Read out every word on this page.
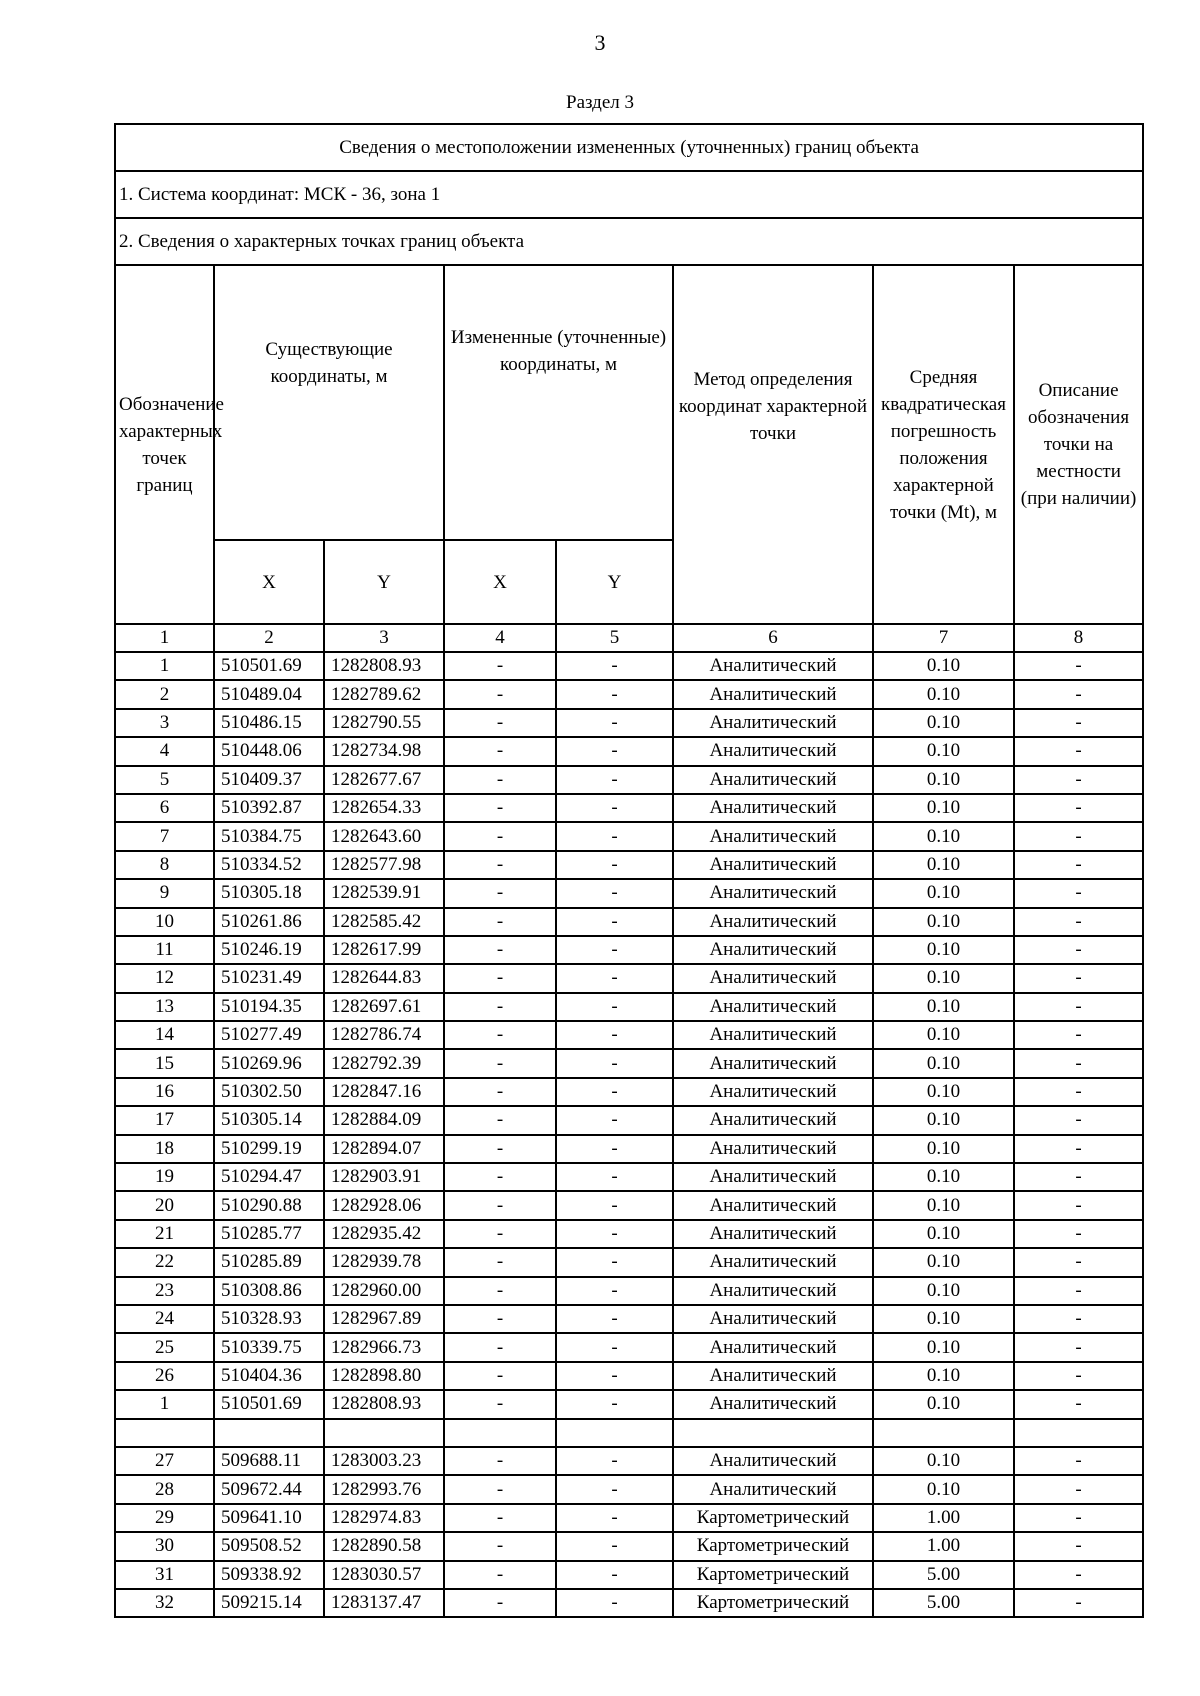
3
Раздел 3
Сведения о местоположении измененных (уточненных) границ объекта							
1. Система координат: МСК - 36, зона 1							
2. Сведения о характерных точках границ объекта							
Обозначение характерных точек границ	Существующие координаты, м		Измененные (уточненные) координаты, м		Метод определения координат характерной точки	Средняя квадратическая погрешность положения характерной точки (Mt), м	Описание обозначения точки на местности (при наличии)
	X	Y	X	Y			
1	2	3	4	5	6	7	8
1	510501.69	1282808.93	-	-	Аналитический	0.10	-
2	510489.04	1282789.62	-	-	Аналитический	0.10	-
3	510486.15	1282790.55	-	-	Аналитический	0.10	-
4	510448.06	1282734.98	-	-	Аналитический	0.10	-
5	510409.37	1282677.67	-	-	Аналитический	0.10	-
6	510392.87	1282654.33	-	-	Аналитический	0.10	-
7	510384.75	1282643.60	-	-	Аналитический	0.10	-
8	510334.52	1282577.98	-	-	Аналитический	0.10	-
9	510305.18	1282539.91	-	-	Аналитический	0.10	-
10	510261.86	1282585.42	-	-	Аналитический	0.10	-
11	510246.19	1282617.99	-	-	Аналитический	0.10	-
12	510231.49	1282644.83	-	-	Аналитический	0.10	-
13	510194.35	1282697.61	-	-	Аналитический	0.10	-
14	510277.49	1282786.74	-	-	Аналитический	0.10	-
15	510269.96	1282792.39	-	-	Аналитический	0.10	-
16	510302.50	1282847.16	-	-	Аналитический	0.10	-
17	510305.14	1282884.09	-	-	Аналитический	0.10	-
18	510299.19	1282894.07	-	-	Аналитический	0.10	-
19	510294.47	1282903.91	-	-	Аналитический	0.10	-
20	510290.88	1282928.06	-	-	Аналитический	0.10	-
21	510285.77	1282935.42	-	-	Аналитический	0.10	-
22	510285.89	1282939.78	-	-	Аналитический	0.10	-
23	510308.86	1282960.00	-	-	Аналитический	0.10	-
24	510328.93	1282967.89	-	-	Аналитический	0.10	-
25	510339.75	1282966.73	-	-	Аналитический	0.10	-
26	510404.36	1282898.80	-	-	Аналитический	0.10	-
1	510501.69	1282808.93	-	-	Аналитический	0.10	-

27	509688.11	1283003.23	-	-	Аналитический	0.10	-
28	509672.44	1282993.76	-	-	Аналитический	0.10	-
29	509641.10	1282974.83	-	-	Картометрический	1.00	-
30	509508.52	1282890.58	-	-	Картометрический	1.00	-
31	509338.92	1283030.57	-	-	Картометрический	5.00	-
32	509215.14	1283137.47	-	-	Картометрический	5.00	-
